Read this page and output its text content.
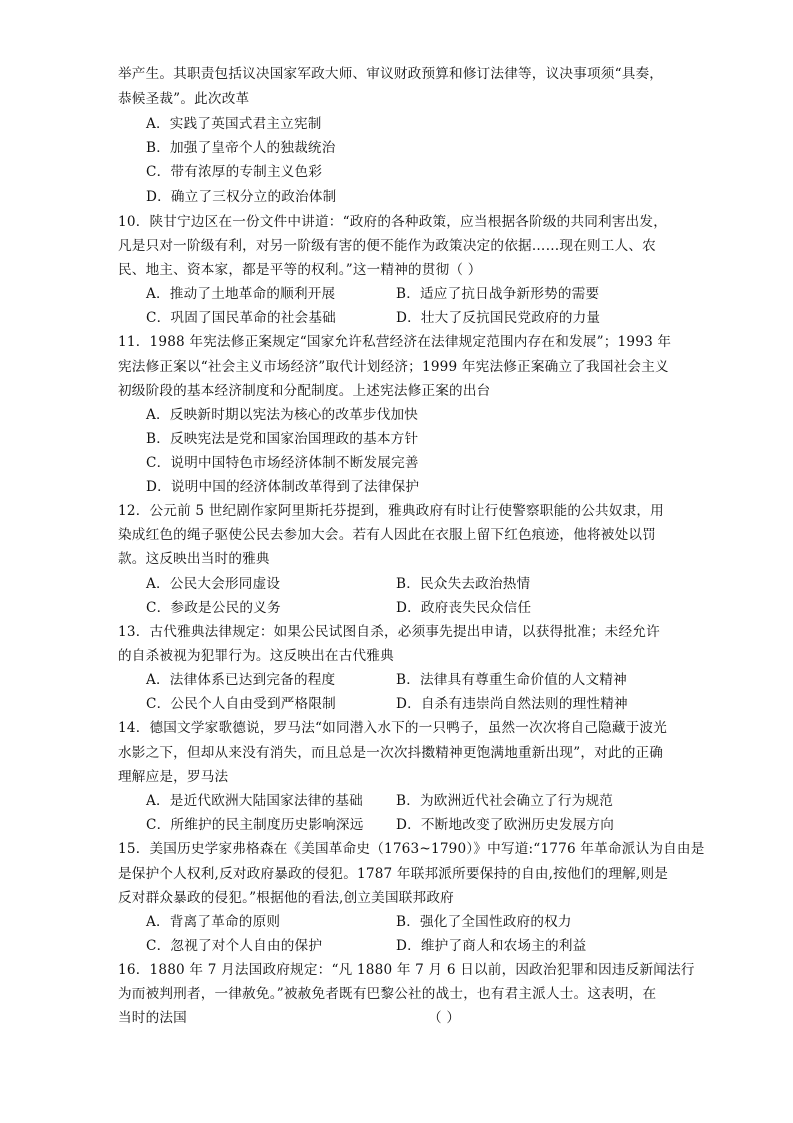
举产生。其职责包括议决国家军政大师、审议财政预算和修订法律等，议决事项须“具奏，
恭候圣裁”。此次改革
A．实践了英国式君主立宪制
B．加强了皇帝个人的独裁统治
C．带有浓厚的专制主义色彩
D．确立了三权分立的政治体制
10．陕甘宁边区在一份文件中讲道：“政府的各种政策，应当根据各阶级的共同利害出发，
凡是只对一阶级有利，对另一阶级有害的便不能作为政策决定的依据……现在则工人、农
民、地主、资本家，都是平等的权利。”这一精神的贯彻（ ）
A．推动了土地革命的顺利开展	B．适应了抗日战争新形势的需要
C．巩固了国民革命的社会基础	D．壮大了反抗国民党政府的力量
11．1988 年宪法修正案规定“国家允许私营经济在法律规定范围内存在和发展”；1993 年
宪法修正案以“社会主义市场经济”取代计划经济；1999 年宪法修正案确立了我国社会主义
初级阶段的基本经济制度和分配制度。上述宪法修正案的出台
A．反映新时期以宪法为核心的改革步伐加快
B．反映宪法是党和国家治国理政的基本方针
C．说明中国特色市场经济体制不断发展完善
D．说明中国的经济体制改革得到了法律保护
12．公元前 5 世纪剧作家阿里斯托芬提到，雅典政府有时让行使警察职能的公共奴隶，用
染成红色的绳子驱使公民去参加大会。若有人因此在衣服上留下红色痕迹，他将被处以罚
款。这反映出当时的雅典
A．公民大会形同虚设	B．民众失去政治热情
C．参政是公民的义务	D．政府丧失民众信任
13．古代雅典法律规定：如果公民试图自杀，必须事先提出申请，以获得批准；未经允许
的自杀被视为犯罪行为。这反映出在古代雅典
A．法律体系已达到完备的程度	B．法律具有尊重生命价值的人文精神
C．公民个人自由受到严格限制	D．自杀有违崇尚自然法则的理性精神
14．德国文学家歌德说，罗马法“如同潜入水下的一只鸭子，虽然一次次将自己隐藏于波光
水影之下，但却从来没有消失，而且总是一次次抖擞精神更饱满地重新出现”，对此的正确
理解应是，罗马法
A．是近代欧洲大陆国家法律的基础 B．为欧洲近代社会确立了行为规范
C．所维护的民主制度历史影响深远 D．不断地改变了欧洲历史发展方向
15．美国历史学家弗格森在《美国革命史（1763~1790）》中写道:“1776 年革命派认为自由是
是保护个人权利,反对政府暴政的侵犯。1787 年联邦派所要保持的自由,按他们的理解,则是
反对群众暴政的侵犯。”根据他的看法,创立美国联邦政府
A．背离了革命的原则	B．强化了全国性政府的权力
C．忽视了对个人自由的保护	D．维护了商人和农场主的利益
16．1880 年 7 月法国政府规定：“凡 1880 年 7 月 6 日以前，因政治犯罪和因违反新闻法行
为而被判刑者，一律赦免。”被赦免者既有巴黎公社的战士，也有君主派人士。这表明，在
当时的法国	（ ）
